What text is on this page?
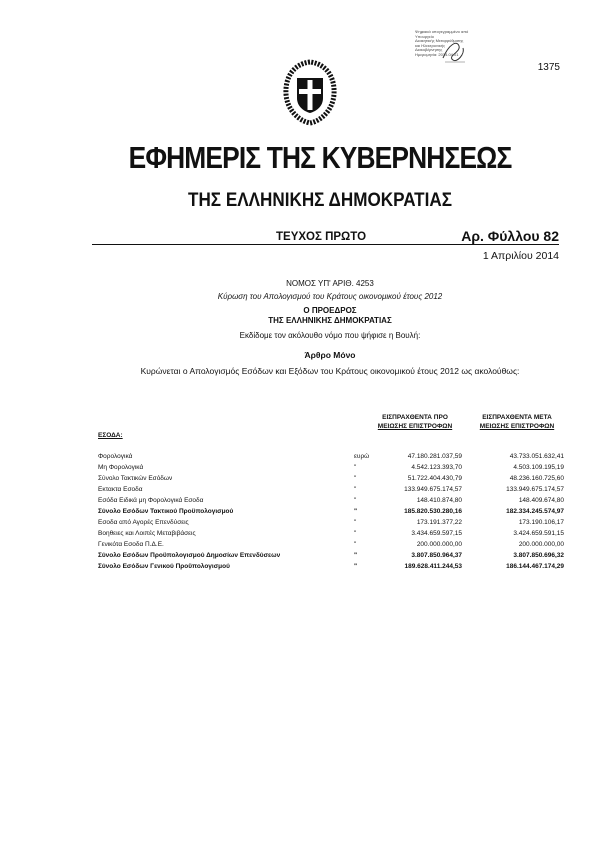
Ψηφιακά υπογεγραμμένο από
Υπουργείο
Διοικητικής Μεταρρύθμισης
και Ηλεκτρονικής
Διακυβέρνησης
Ημερομηνία: 2014.04.01
1375
ΕΦΗΜΕΡΙΣ ΤΗΣ ΚΥΒΕΡΝΗΣΕΩΣ
ΤΗΣ ΕΛΛΗΝΙΚΗΣ ΔΗΜΟΚΡΑΤΙΑΣ
ΤΕΥΧΟΣ ΠΡΩΤΟ	Αρ. Φύλλου 82
1 Απριλίου 2014
ΝΟΜΟΣ ΥΠ' ΑΡΙΘ. 4253
Κύρωση του Απολογισμού του Κράτους οικονομικού έτους 2012
Ο ΠΡΟΕΔΡΟΣ
ΤΗΣ ΕΛΛΗΝΙΚΗΣ ΔΗΜΟΚΡΑΤΙΑΣ
Εκδίδομε τον ακόλουθο νόμο που ψήφισε η Βουλή:
Άρθρο Μόνο
Κυρώνεται ο Απολογισμός Εσόδων και Εξόδων του Κράτους οικονομικού έτους 2012 ως ακολούθως:
ΕΙΣΠΡΑΧΘΕΝΤΑ ΠΡΟ
ΜΕΙΩΣΗΣ ΕΠΙΣΤΡΟΦΩΝ
ΕΙΣΠΡΑΧΘΕΝΤΑ ΜΕΤΑ
ΜΕΙΩΣΗΣ ΕΠΙΣΤΡΟΦΩΝ
ΕΣΟΔΑ:
Φορολογικά	ευρώ	47.180.281.037,59	43.733.051.632,41
Μη Φορολογικά	"	4.542.123.393,70	4.503.109.195,19
Σύνολο Τακτικών Εσόδων	"	51.722.404.430,79	48.236.160.725,60
Εκτακτα Εσοδα	"	133.949.675.174,57	133.949.675.174,57
Εσόδα Ειδικά μη Φορολογικά Εσοδα	"	148.410.874,80	148.409.674,80
Σύνολο Εσόδων Τακτικού Προϋπολογισμού	"	185.820.530.280,16	182.334.245.574,97
Εσοδα από Αγορές Επενδύσεις	"	173.191.377,22	173.190.106,17
Βοηθειες και Λοιπές Μεταβιβάσεις	"	3.434.659.597,15	3.424.659.591,15
Γενικότα Εσοδα Π.Δ.Ε.	"	200.000.000,00	200.000.000,00
Σύνολο Εσόδων Προϋπολογισμού Δημοσίων Επενδύσεων	"	3.807.850.964,37	3.807.850.696,32
Σύνολο Εσόδων Γενικού Προϋπολογισμού	"	189.628.411.244,53	186.144.467.174,29
